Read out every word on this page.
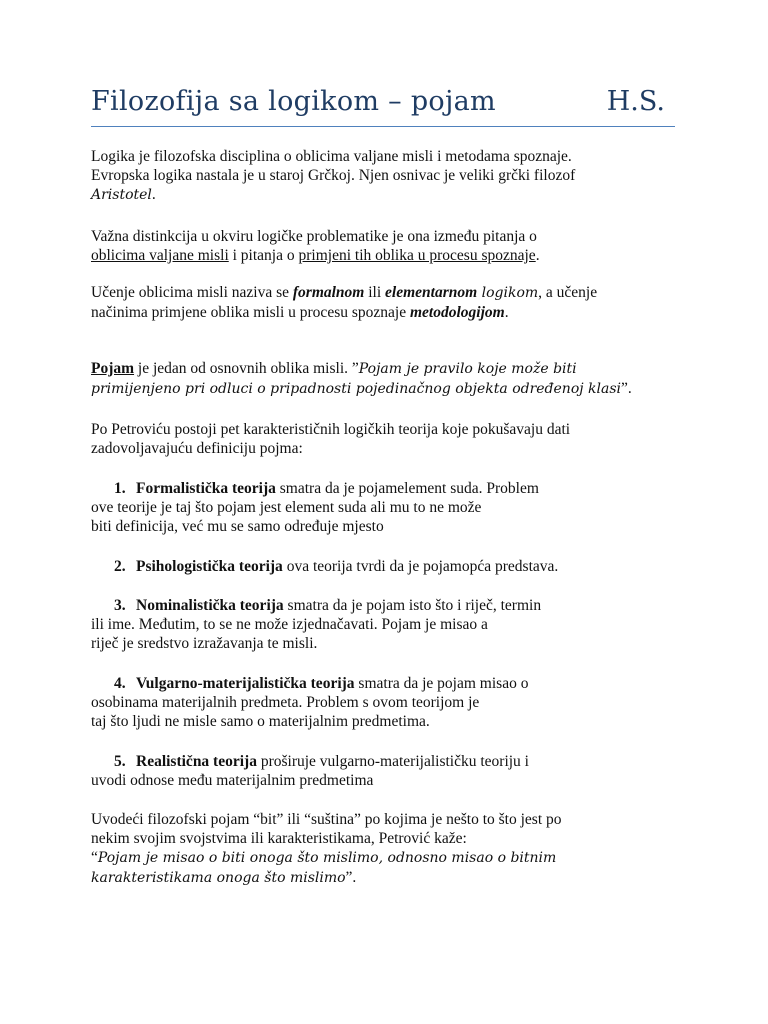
Filozofija sa logikom – pojam	H.S.
Logika je filozofska disciplina o oblicima valjane misli i metodama spoznaje.
Evropska logika nastala je u staroj Grčkoj. Njen osnivac je veliki grčki filozof
Aristotel.
Važna distinkcija u okviru logičke problematike je ona između pitanja o
oblicima valjane misli i pitanja o primjeni tih oblika u procesu spoznaje.
Učenje oblicima misli naziva se formalnom ili elementarnom logikom, a učenje
načinima primjene oblika misli u procesu spoznaje metodologijom.
Pojam je jedan od osnovnih oblika misli. ”Pojam je pravilo koje može biti
primijenjeno pri odluci o pripadnosti pojedinačnog objekta određenoj klasi”.
Po Petroviću postoji pet karakterističnih logičkih teorija koje pokušavaju dati
zadovoljavajuću definiciju pojma:
1. Formalistička teorija smatra da je pojamelement suda. Problem
ove teorije je taj što pojam jest element suda ali mu to ne može
biti definicija, već mu se samo određuje mjesto
2. Psihologistička teorija ova teorija tvrdi da je pojamopća predstava.
3. Nominalistička teorija smatra da je pojam isto što i riječ, termin
ili ime. Međutim, to se ne može izjednačavati. Pojam je misao a
riječ je sredstvo izražavanja te misli.
4. Vulgarno-materijalistička teorija smatra da je pojam misao o
osobinama materijalnih predmeta. Problem s ovom teorijom je
taj što ljudi ne misle samo o materijalnim predmetima.
5. Realistična teorija proširuje vulgarno-materijalističku teoriju i
uvodi odnose među materijalnim predmetima
Uvodeći filozofski pojam “bit” ili “suština” po kojima je nešto to što jest po
nekim svojim svojstvima ili karakteristikama, Petrović kaže:
“Pojam je misao o biti onoga što mislimo, odnosno misao o bitnim
karakteristikama onoga što mislimo”.
